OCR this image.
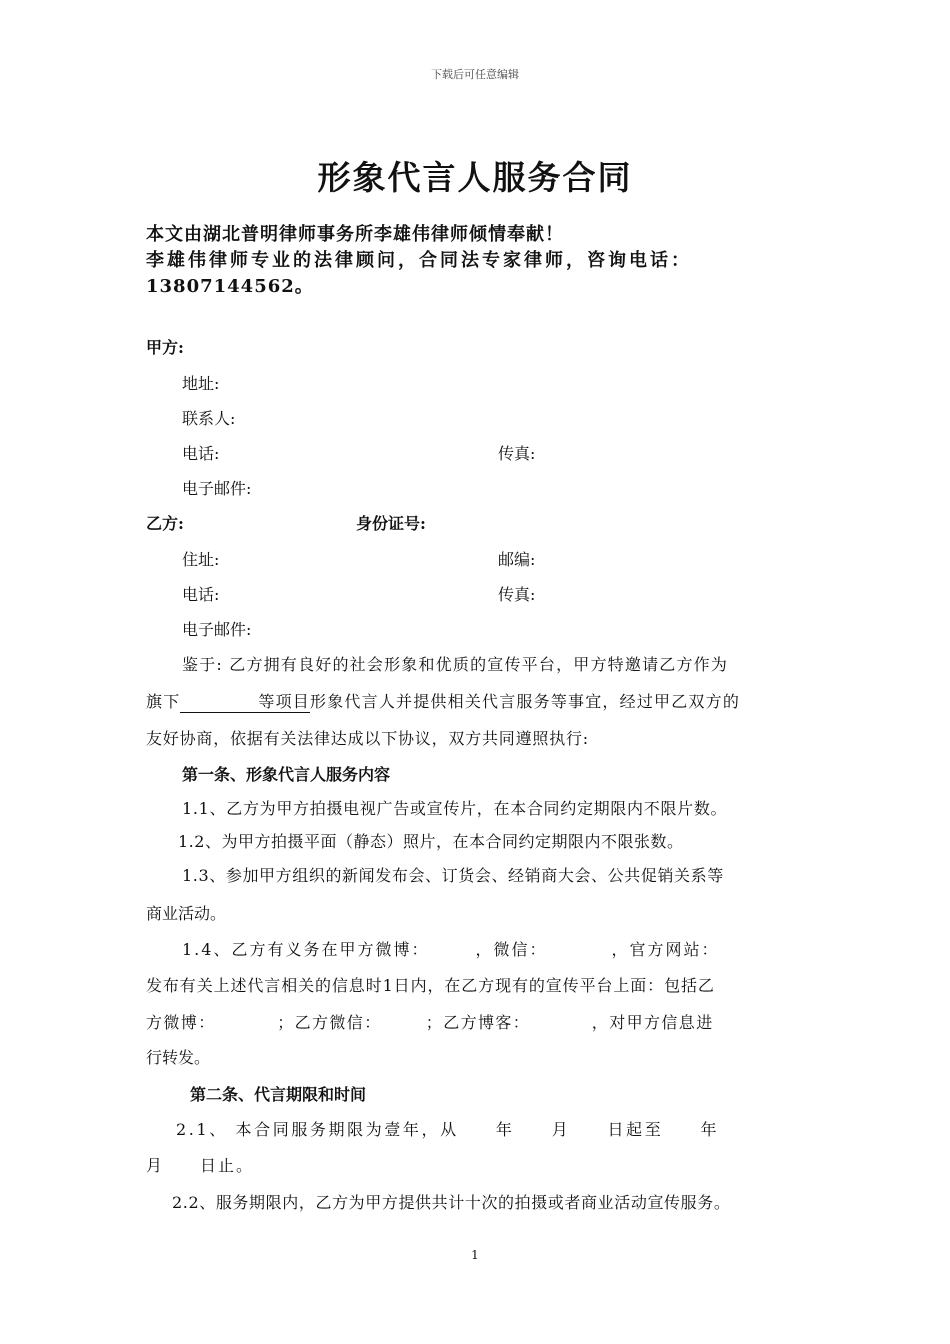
下载后可任意编辑
形象代言人服务合同
本文由湖北普明律师事务所李雄伟律师倾情奉献！
李雄伟律师专业的法律顾问，合同法专家律师，咨询电话：
13807144562。
甲方:
地址:
联系人:
电话:	传真:
电子邮件:
乙方:	身份证号:
住址:	邮编:
电话:	传真:
电子邮件:
鉴于: 乙方拥有良好的社会形象和优质的宣传平台，甲方特邀请乙方作为
旗下	等项目形象代言人并提供相关代言服务等事宜，经过甲乙双方的
友好协商，依据有关法律达成以下协议，双方共同遵照执行:
第一条、形象代言人服务内容
1.1、乙方为甲方拍摄电视广告或宣传片，在本合同约定期限内不限片数。
1.2、为甲方拍摄平面（静态）照片，在本合同约定期限内不限张数。
1.3、参加甲方组织的新闻发布会、订货会、经销商大会、公共促销关系等
商业活动。
1.4、乙方有义务在甲方微博：　　　，微信：　　　　，官方网站：
发布有关上述代言相关的信息时1日内，在乙方现有的宣传平台上面：包括乙
方微博：　　　　；乙方微信：　　　；乙方博客：　　　　，对甲方信息进
行转发。
第二条、代言期限和时间
2.1、 本合同服务期限为壹年，从　　年　　月　　日起至　　年
月　　日止。
2.2、服务期限内，乙方为甲方提供共计十次的拍摄或者商业活动宣传服务。
1
